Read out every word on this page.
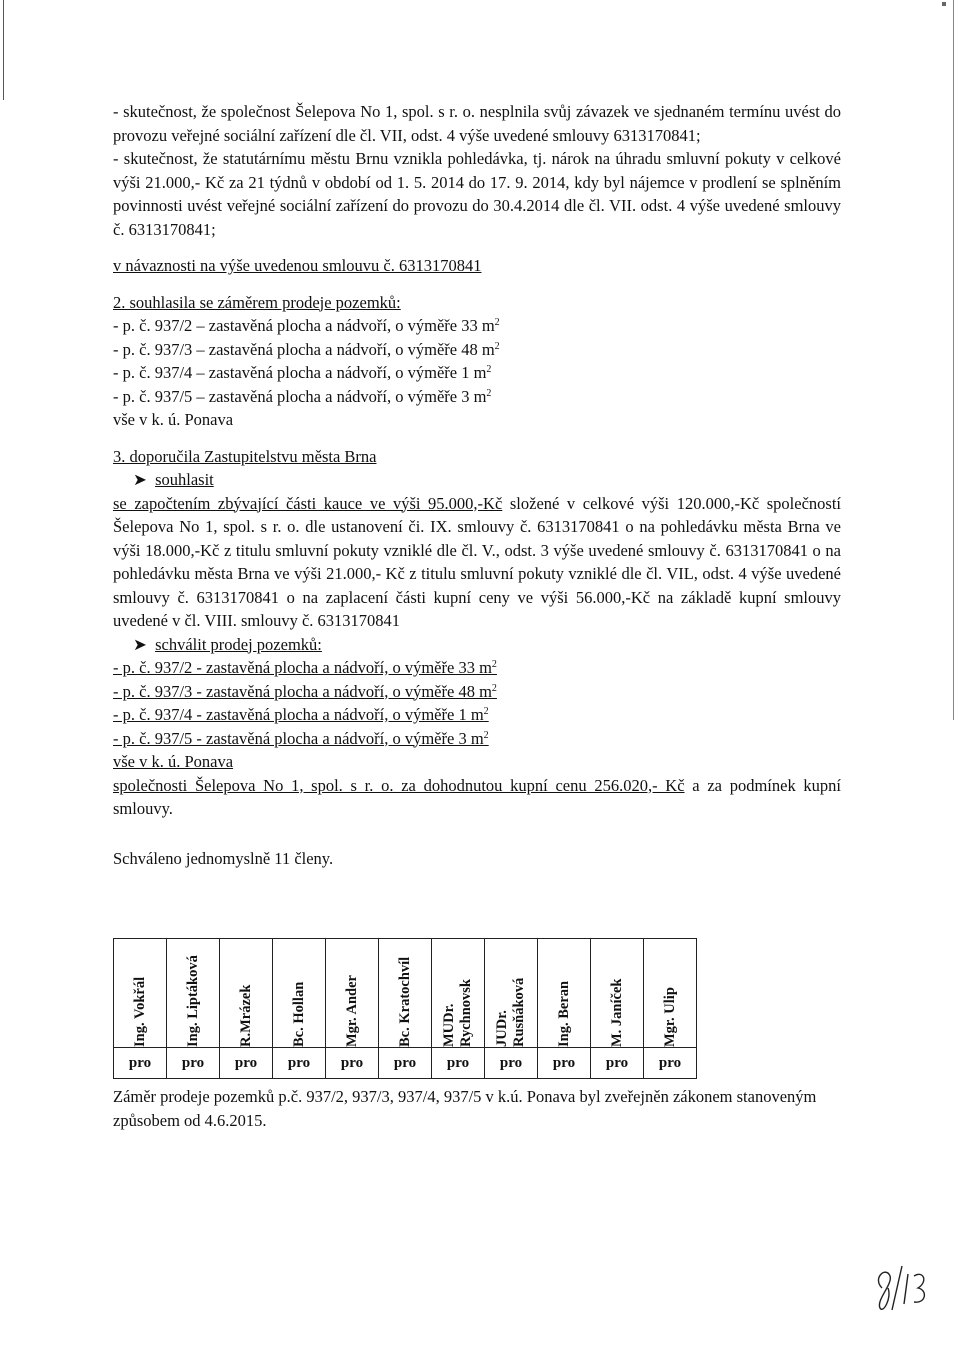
- skutečnost, že společnost Šelepova No 1, spol. s r. o. nesplnila svůj závazek ve sjednaném termínu uvést do provozu veřejné sociální zařízení dle čl. VII, odst. 4 výše uvedené smlouvy 6313170841;
- skutečnost, že statutárnímu městu Brnu vznikla pohledávka, tj. nárok na úhradu smluvní pokuty v celkové výši 21.000,- Kč za 21 týdnů v období od 1. 5. 2014 do 17. 9. 2014, kdy byl nájemce v prodlení se splněním povinnosti uvést veřejné sociální zařízení do provozu do 30.4.2014 dle čl. VII. odst. 4 výše uvedené smlouvy č. 6313170841;
v návaznosti na výše uvedenou smlouvu č. 6313170841
2. souhlasila se záměrem prodeje pozemků:
- p. č. 937/2 – zastavěná plocha a nádvoří, o výměře 33 $m^2$
- p. č. 937/3 – zastavěná plocha a nádvoří, o výměře 48 $m^2$
- p. č. 937/4 – zastavěná plocha a nádvoří, o výměře 1 $m^2$
- p. č. 937/5 – zastavěná plocha a nádvoří, o výměře 3 $m^2$
vše v k. ú. Ponava
3. doporučila Zastupitelstvu města Brna
➤  souhlasit
se započtením zbývající části kauce ve výši 95.000,-Kč složené v celkové výši 120.000,-Kč společností Šelepova No 1, spol. s r. o. dle ustanovení či. IX. smlouvy č. 6313170841 o na pohledávku města Brna ve výši 18.000,-Kč z titulu smluvní pokuty vzniklé dle čl. V., odst. 3 výše uvedené smlouvy č. 6313170841 o na pohledávku města Brna ve výši 21.000,- Kč z titulu smluvní pokuty vzniklé dle čl. VIL, odst. 4 výše uvedené smlouvy č. 6313170841 o na zaplacení části kupní ceny ve výši 56.000,-Kč na základě kupní smlouvy uvedené v čl. VIII. smlouvy č. 6313170841
➤  schválit prodej pozemků:
- p. č. 937/2 - zastavěná plocha a nádvoří, o výměře 33 $m^2$
- p. č. 937/3 - zastavěná plocha a nádvoří, o výměře 48 $m^2$
- p. č. 937/4 - zastavěná plocha a nádvoří, o výměře 1 $m^2$
- p. č. 937/5 - zastavěná plocha a nádvoří, o výměře 3 $m^2$
vše v k. ú. Ponava
společnosti Šelepova No 1, spol. s r. o. za dohodnutou kupní cenu 256.020,- Kč a za podmínek kupní smlouvy.
Schváleno jednomyslně 11 členy.
Ing. Vokřál	Ing. Liptáková	R.Mrázek	Bc. Hollan	Mgr. Ander	Bc. Kratochvíl	MUDr. Rychnovsk	JUDr. Rusňáková	Ing. Beran	M. Janíček	Mgr. Ulip

pro	pro	pro	pro	pro	pro	pro	pro	pro	pro	pro
Záměr prodeje pozemků p.č. 937/2, 937/3, 937/4, 937/5 v k.ú. Ponava byl zveřejněn zákonem stanoveným způsobem od 4.6.2015.
